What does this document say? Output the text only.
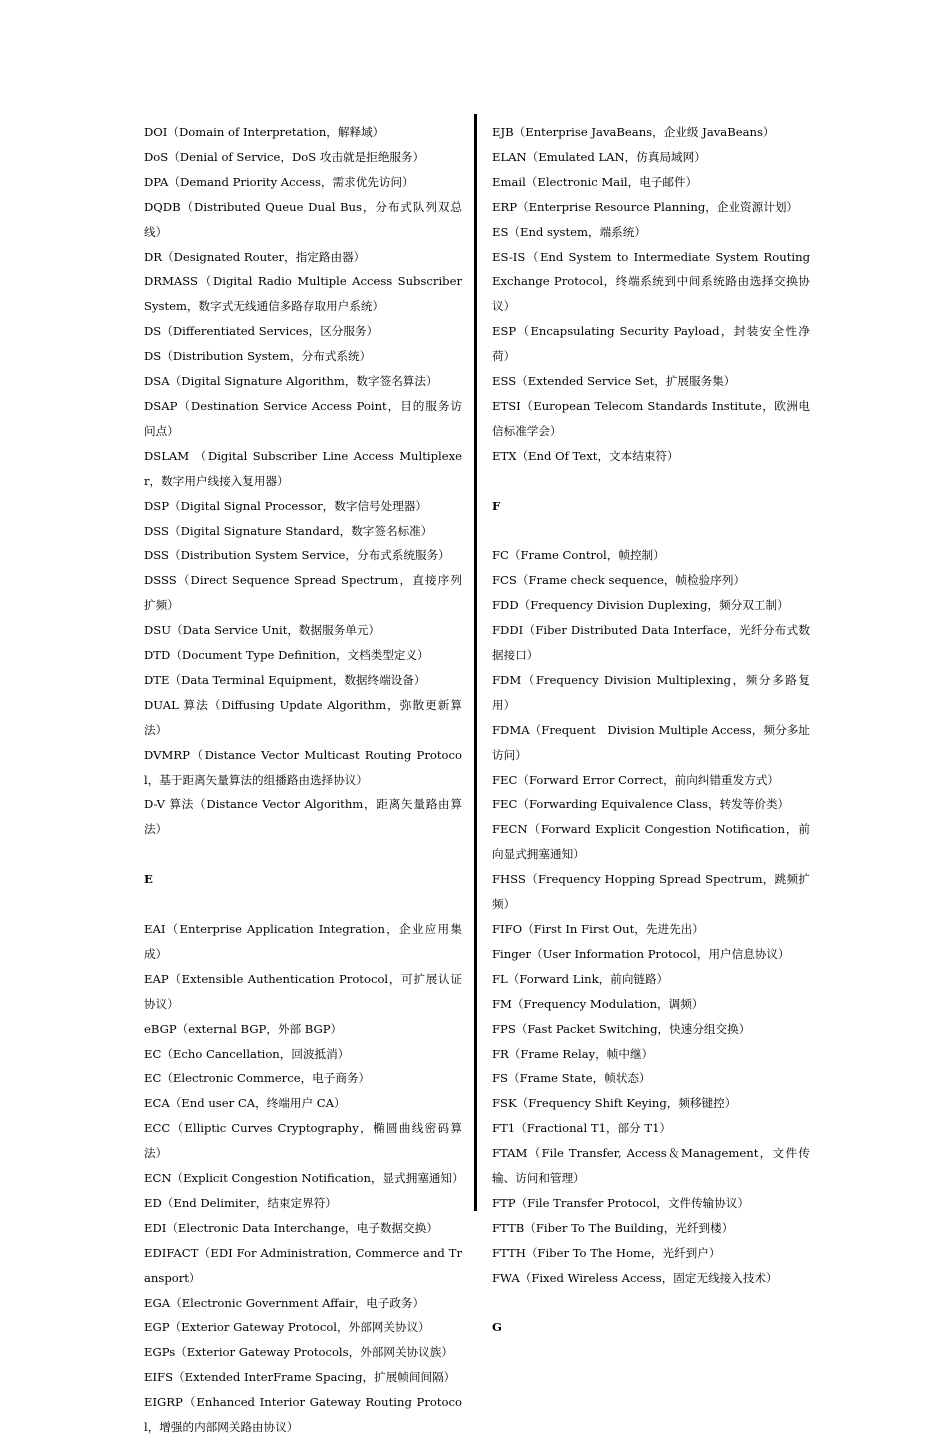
DOI（Domain of Interpretation，解释域）

DoS（Denial of Service，DoS 攻击就是拒绝服务）

DPA（Demand Priority Access，需求优先访问）

DQDB（Distributed Queue Dual Bus，分布式队列双总线）

DR（Designated Router，指定路由器）

DRMASS（Digital Radio Multiple Access Subscriber System，数字式无线通信多路存取用户系统）

DS（Differentiated Services，区分服务）

DS（Distribution System，分布式系统）

DSA（Digital Signature Algorithm，数字签名算法）

DSAP（Destination Service Access Point，目的服务访问点）

DSLAM （Digital Subscriber Line Access Multiplexer，数字用户线接入复用器）

DSP（Digital Signal Processor，数字信号处理器）

DSS（Digital Signature Standard，数字签名标准）

DSS（Distribution System Service，分布式系统服务）

DSSS（Direct Sequence Spread Spectrum，直接序列扩频）

DSU（Data Service Unit，数据服务单元）

DTD（Document Type Definition，文档类型定义）

DTE（Data Terminal Equipment，数据终端设备）

DUAL 算法（Diffusing Update Algorithm，弥散更新算法）

DVMRP（Distance Vector Multicast Routing Protocol，基于距离矢量算法的组播路由选择协议）

D-V 算法（Distance Vector Algorithm，距离矢量路由算法）

E

EAI（Enterprise Application Integration，企业应用集成）

EAP（Extensible Authentication Protocol，可扩展认证协议）

eBGP（external BGP，外部 BGP）

EC（Echo Cancellation，回波抵消）

EC（Electronic Commerce，电子商务）

ECA（End user CA，终端用户 CA）

ECC（Elliptic Curves Cryptography，椭圆曲线密码算法）

ECN（Explicit Congestion Notification，显式拥塞通知）

ED（End Delimiter，结束定界符）

EDI（Electronic Data Interchange，电子数据交换）

EDIFACT（EDI For Administration, Commerce and Transport）

EGA（Electronic Government Affair，电子政务）

EGP（Exterior Gateway Protocol，外部网关协议）

EGPs（Exterior Gateway Protocols，外部网关协议族）

EIFS（Extended InterFrame Spacing，扩展帧间间隔）

EIGRP（Enhanced Interior Gateway Routing Protocol，增强的内部网关路由协议）

EJB（Enterprise JavaBeans，企业级 JavaBeans）

ELAN（Emulated LAN，仿真局域网）

Email（Electronic Mail，电子邮件）

ERP（Enterprise Resource Planning，企业资源计划）

ES（End system，端系统）

ES-IS（End System to Intermediate System Routing Exchange Protocol，终端系统到中间系统路由选择交换协议）

ESP（Encapsulating Security Payload，封装安全性净荷）

ESS（Extended Service Set，扩展服务集）

ETSI（European Telecom Standards Institute，欧洲电信标准学会）

ETX（End Of Text，文本结束符）

F

FC（Frame Control，帧控制）

FCS（Frame check sequence，帧检验序列）

FDD（Frequency Division Duplexing，频分双工制）

FDDI（Fiber Distributed Data Interface，光纤分布式数据接口）

FDM（Frequency Division Multiplexing，频分多路复用）

FDMA（Frequent　Division Multiple Access，频分多址访问）

FEC（Forward Error Correct，前向纠错重发方式）

FEC（Forwarding Equivalence Class，转发等价类）

FECN（Forward Explicit Congestion Notification，前向显式拥塞通知）

FHSS（Frequency Hopping Spread Spectrum，跳频扩频）

FIFO（First In First Out，先进先出）

Finger（User Information Protocol，用户信息协议）

FL（Forward Link，前向链路）

FM（Frequency Modulation，调频）

FPS（Fast Packet Switching，快速分组交换）

FR（Frame Relay，帧中继）

FS（Frame State，帧状态）

FSK（Frequency Shift Keying，频移键控）

FT1（Fractional T1，部分 T1）

FTAM（File Transfer, Access＆Management，文件传输、访问和管理）

FTP（File Transfer Protocol，文件传输协议）

FTTB（Fiber To The Building，光纤到楼）

FTTH（Fiber To The Home，光纤到户）

FWA（Fixed Wireless Access，固定无线接入技术）

G
